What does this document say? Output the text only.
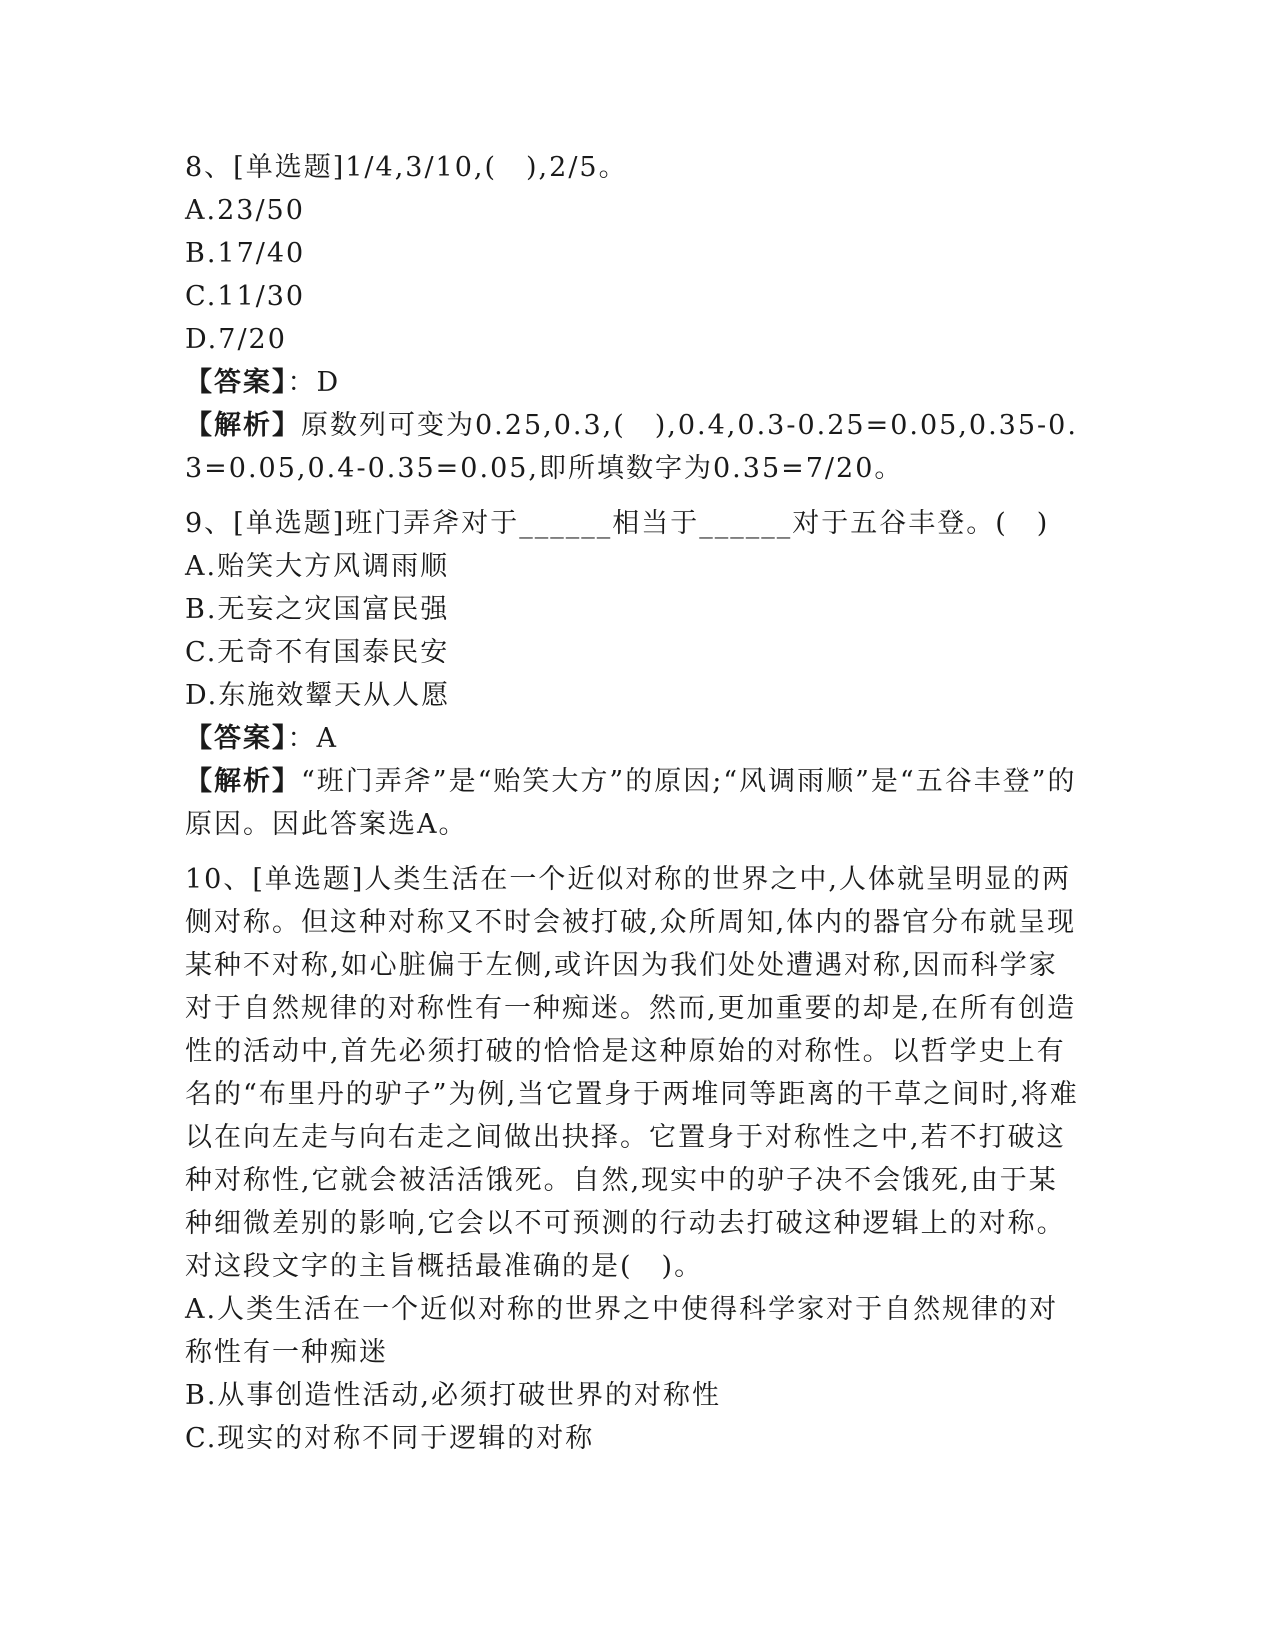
8、[单选题]1/4,3/10,(　),2/5。
A.23/50
B.17/40
C.11/30
D.7/20
【答案】：D
【解析】原数列可变为0.25,0.3,(　),0.4,0.3-0.25=0.05,0.35-0.3=0.05,0.4-0.35=0.05,即所填数字为0.35=7/20。
9、[单选题]班门弄斧对于______相当于______对于五谷丰登。(　)
A.贻笑大方风调雨顺
B.无妄之灾国富民强
C.无奇不有国泰民安
D.东施效颦天从人愿
【答案】：A
【解析】“班门弄斧”是“贻笑大方”的原因;“风调雨顺”是“五谷丰登”的原因。因此答案选A。
10、[单选题]人类生活在一个近似对称的世界之中,人体就呈明显的两侧对称。但这种对称又不时会被打破,众所周知,体内的器官分布就呈现某种不对称,如心脏偏于左侧,或许因为我们处处遭遇对称,因而科学家对于自然规律的对称性有一种痴迷。然而,更加重要的却是,在所有创造性的活动中,首先必须打破的恰恰是这种原始的对称性。以哲学史上有名的“布里丹的驴子”为例,当它置身于两堆同等距离的干草之间时,将难以在向左走与向右走之间做出抉择。它置身于对称性之中,若不打破这种对称性,它就会被活活饿死。自然,现实中的驴子决不会饿死,由于某种细微差别的影响,它会以不可预测的行动去打破这种逻辑上的对称。对这段文字的主旨概括最准确的是(　)。
A.人类生活在一个近似对称的世界之中使得科学家对于自然规律的对称性有一种痴迷
B.从事创造性活动,必须打破世界的对称性
C.现实的对称不同于逻辑的对称
